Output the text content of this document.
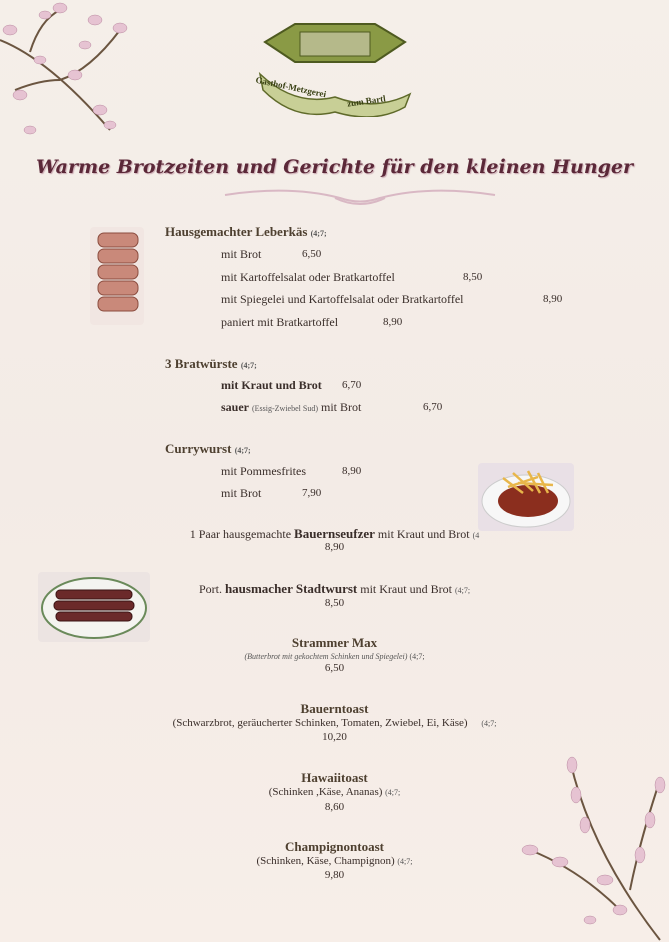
Gasthof-Metzgerei
zum Bartl
Warme Brotzeiten und Gerichte für den kleinen Hunger
Hausgemachter Leberkäs (4;7;
mit Brot	6,50
mit Kartoffelsalat oder Bratkartoffel	8,50
mit Spiegelei und Kartoffelsalat oder Bratkartoffel	8,90
paniert mit Bratkartoffel	8,90
3 Bratwürste (4;7;
mit Kraut und Brot 6,70
sauer (Essig-Zwiebel Sud) mit Brot	6,70
Currywurst (4;7;
mit Pommesfrites	8,90
mit Brot	7,90
1 Paar hausgemachte Bauernseufzer mit Kraut und Brot (4
8,90
Port. hausmacher Stadtwurst mit Kraut und Brot (4;7;
8,50
Strammer Max
(Butterbrot mit gekochtem Schinken und Spiegelei) (4;7;
6,50
Bauerntoast
(Schwarzbrot, geräucherter Schinken, Tomaten, Zwiebel, Ei, Käse) (4;7;
10,20
Hawaiitoast
(Schinken ,Käse, Ananas) (4;7;
8,60
Champignontoast
(Schinken, Käse, Champignon) (4;7;
9,80
